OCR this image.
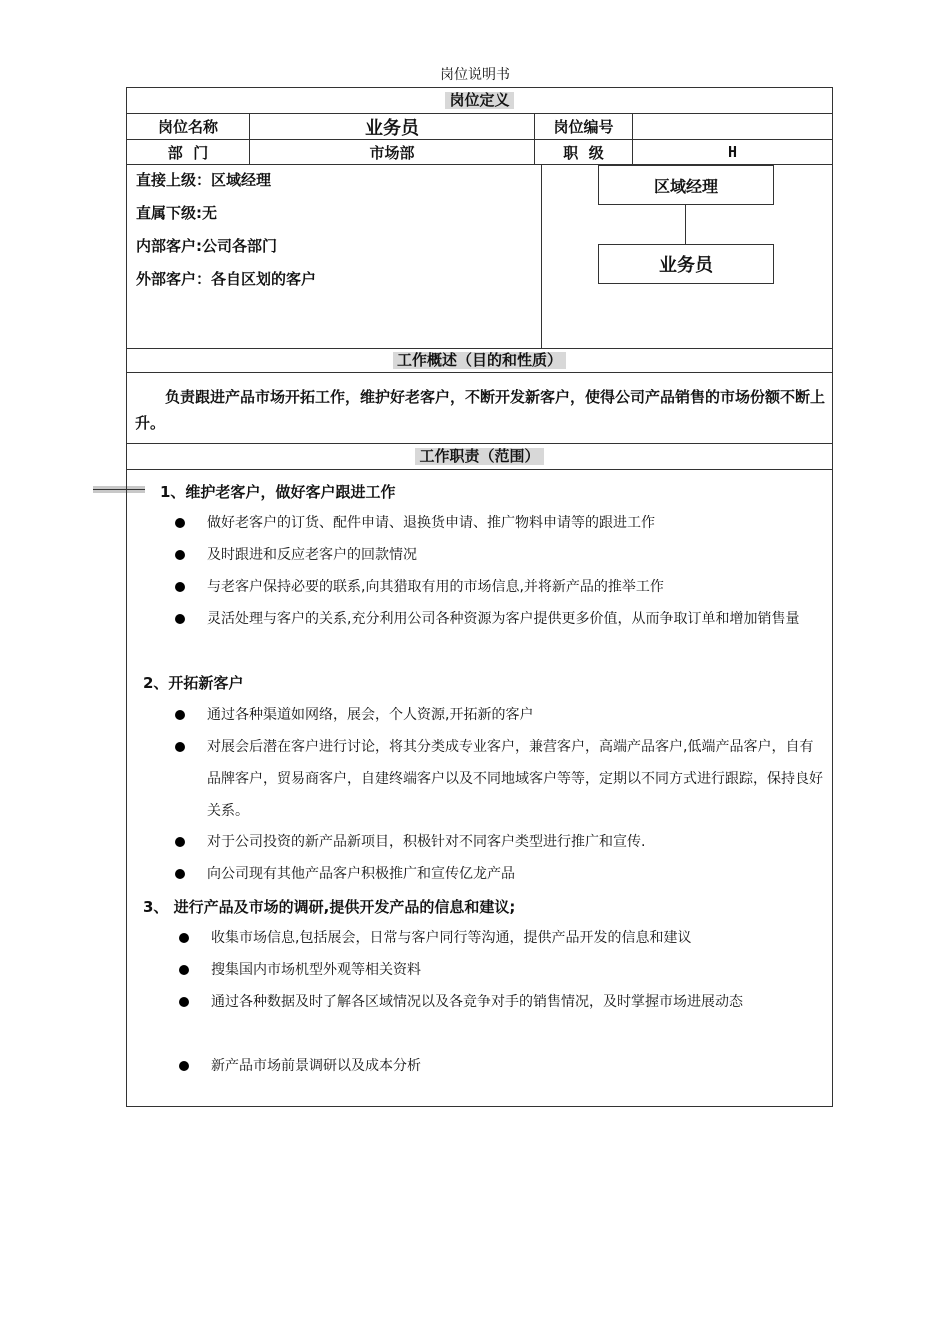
岗位说明书
岗位定义
岗位名称	业务员	岗位编号
部  门	市场部	职  级	H
直接上级：区域经理
直属下级:无
内部客户:公司各部门
外部客户：各自区划的客户
区域经理
业务员
工作概述（目的和性质）
负责跟进产品市场开拓工作，维护好老客户，不断开发新客户，使得公司产品销售的市场份额不断上升。
工作职责（范围）
1、维护老客户，做好客户跟进工作
做好老客户的订货、配件申请、退换货申请、推广物料申请等的跟进工作
及时跟进和反应老客户的回款情况
与老客户保持必要的联系,向其猎取有用的市场信息,并将新产品的推举工作
灵活处理与客户的关系,充分利用公司各种资源为客户提供更多价值，从而争取订单和增加销售量
2、开拓新客户
通过各种渠道如网络，展会，个人资源,开拓新的客户
对展会后潜在客户进行讨论，将其分类成专业客户，兼营客户，高端产品客户,低端产品客户，自有品牌客户，贸易商客户，自建终端客户以及不同地域客户等等，定期以不同方式进行跟踪，保持良好关系。
对于公司投资的新产品新项目，积极针对不同客户类型进行推广和宣传.
向公司现有其他产品客户积极推广和宣传亿龙产品
3、 进行产品及市场的调研,提供开发产品的信息和建议;
收集市场信息,包括展会，日常与客户同行等沟通，提供产品开发的信息和建议
搜集国内市场机型外观等相关资料
通过各种数据及时了解各区域情况以及各竞争对手的销售情况，及时掌握市场进展动态
新产品市场前景调研以及成本分析
